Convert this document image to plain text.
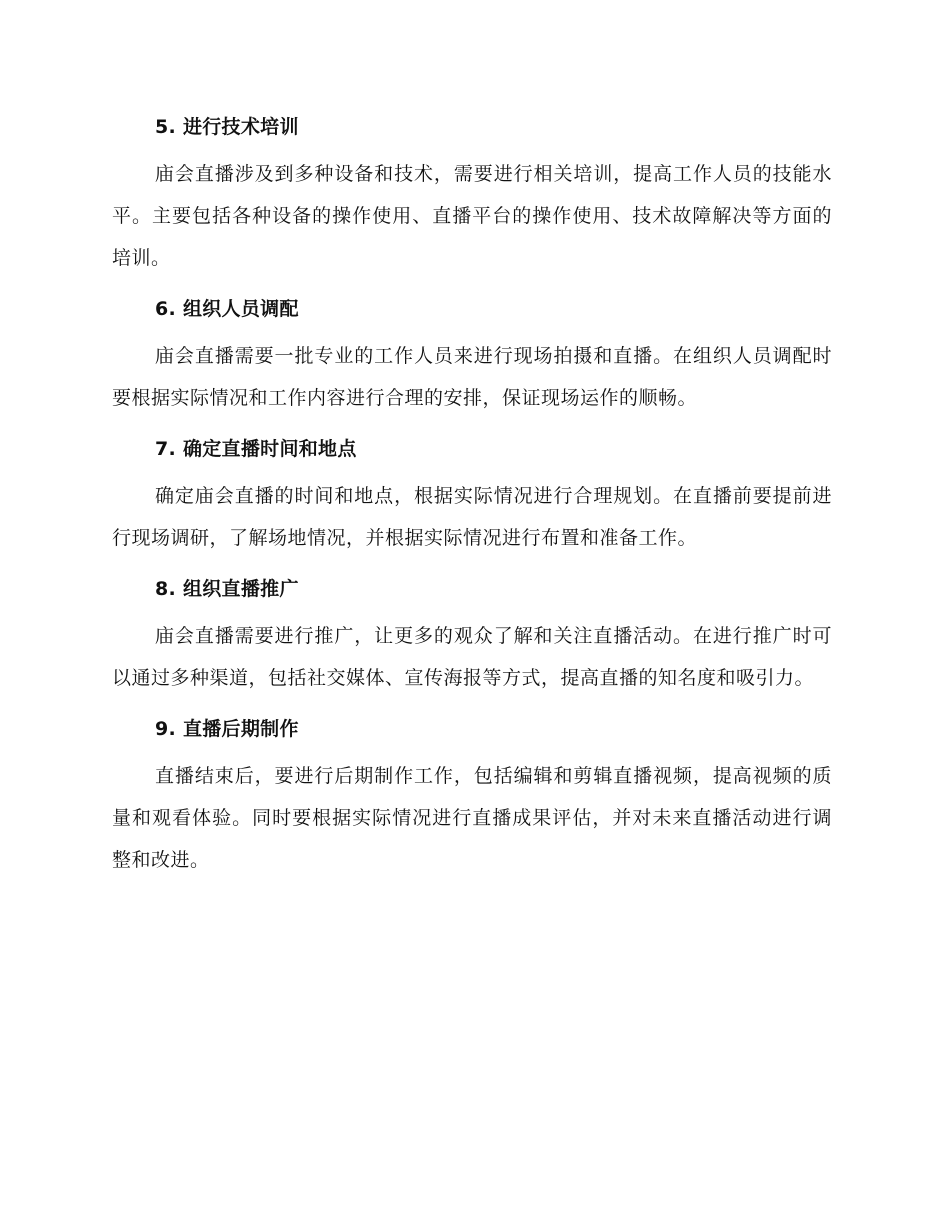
5. 进行技术培训

庙会直播涉及到多种设备和技术，需要进行相关培训，提高工作人员的技能水平。主要包括各种设备的操作使用、直播平台的操作使用、技术故障解决等方面的培训。

6. 组织人员调配

庙会直播需要一批专业的工作人员来进行现场拍摄和直播。在组织人员调配时要根据实际情况和工作内容进行合理的安排，保证现场运作的顺畅。

7. 确定直播时间和地点

确定庙会直播的时间和地点，根据实际情况进行合理规划。在直播前要提前进行现场调研，了解场地情况，并根据实际情况进行布置和准备工作。

8. 组织直播推广

庙会直播需要进行推广，让更多的观众了解和关注直播活动。在进行推广时可以通过多种渠道，包括社交媒体、宣传海报等方式，提高直播的知名度和吸引力。

9. 直播后期制作

直播结束后，要进行后期制作工作，包括编辑和剪辑直播视频，提高视频的质量和观看体验。同时要根据实际情况进行直播成果评估，并对未来直播活动进行调整和改进。
